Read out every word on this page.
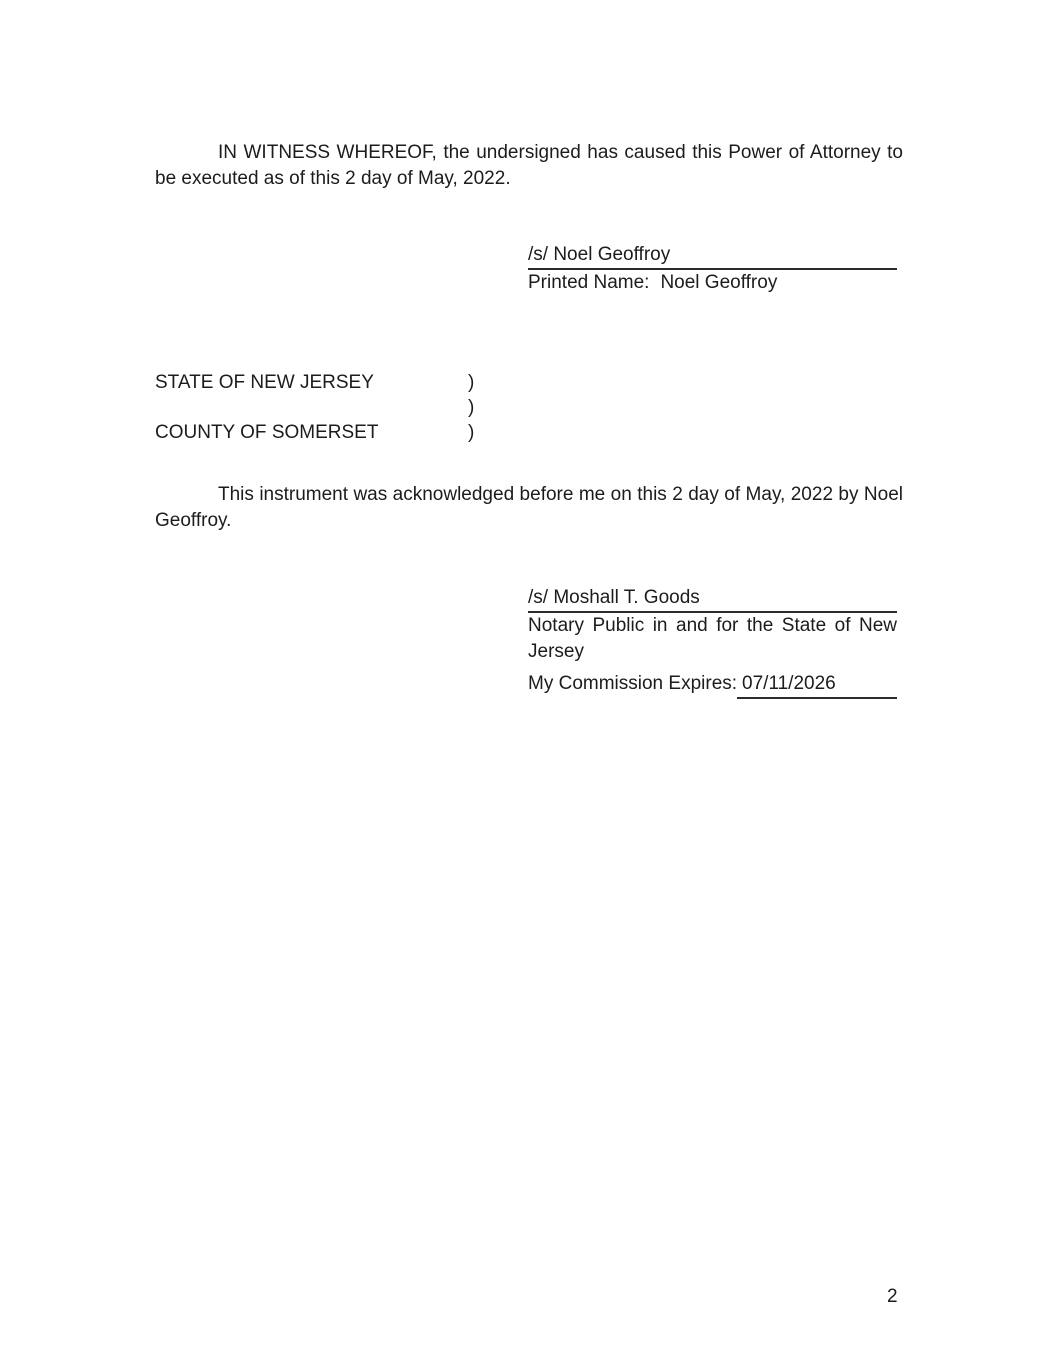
IN WITNESS WHEREOF, the undersigned has caused this Power of Attorney to be executed as of this 2 day of May, 2022.

/s/ Noel Geoffroy
Printed Name: Noel Geoffroy
STATE OF NEW JERSEY	)
)
COUNTY OF SOMERSET	)

This instrument was acknowledged before me on this 2 day of May, 2022 by Noel Geoffroy.

/s/ Moshall T. Goods
Notary Public in and for the State of New Jersey
My Commission Expires: 07/11/2026
2
